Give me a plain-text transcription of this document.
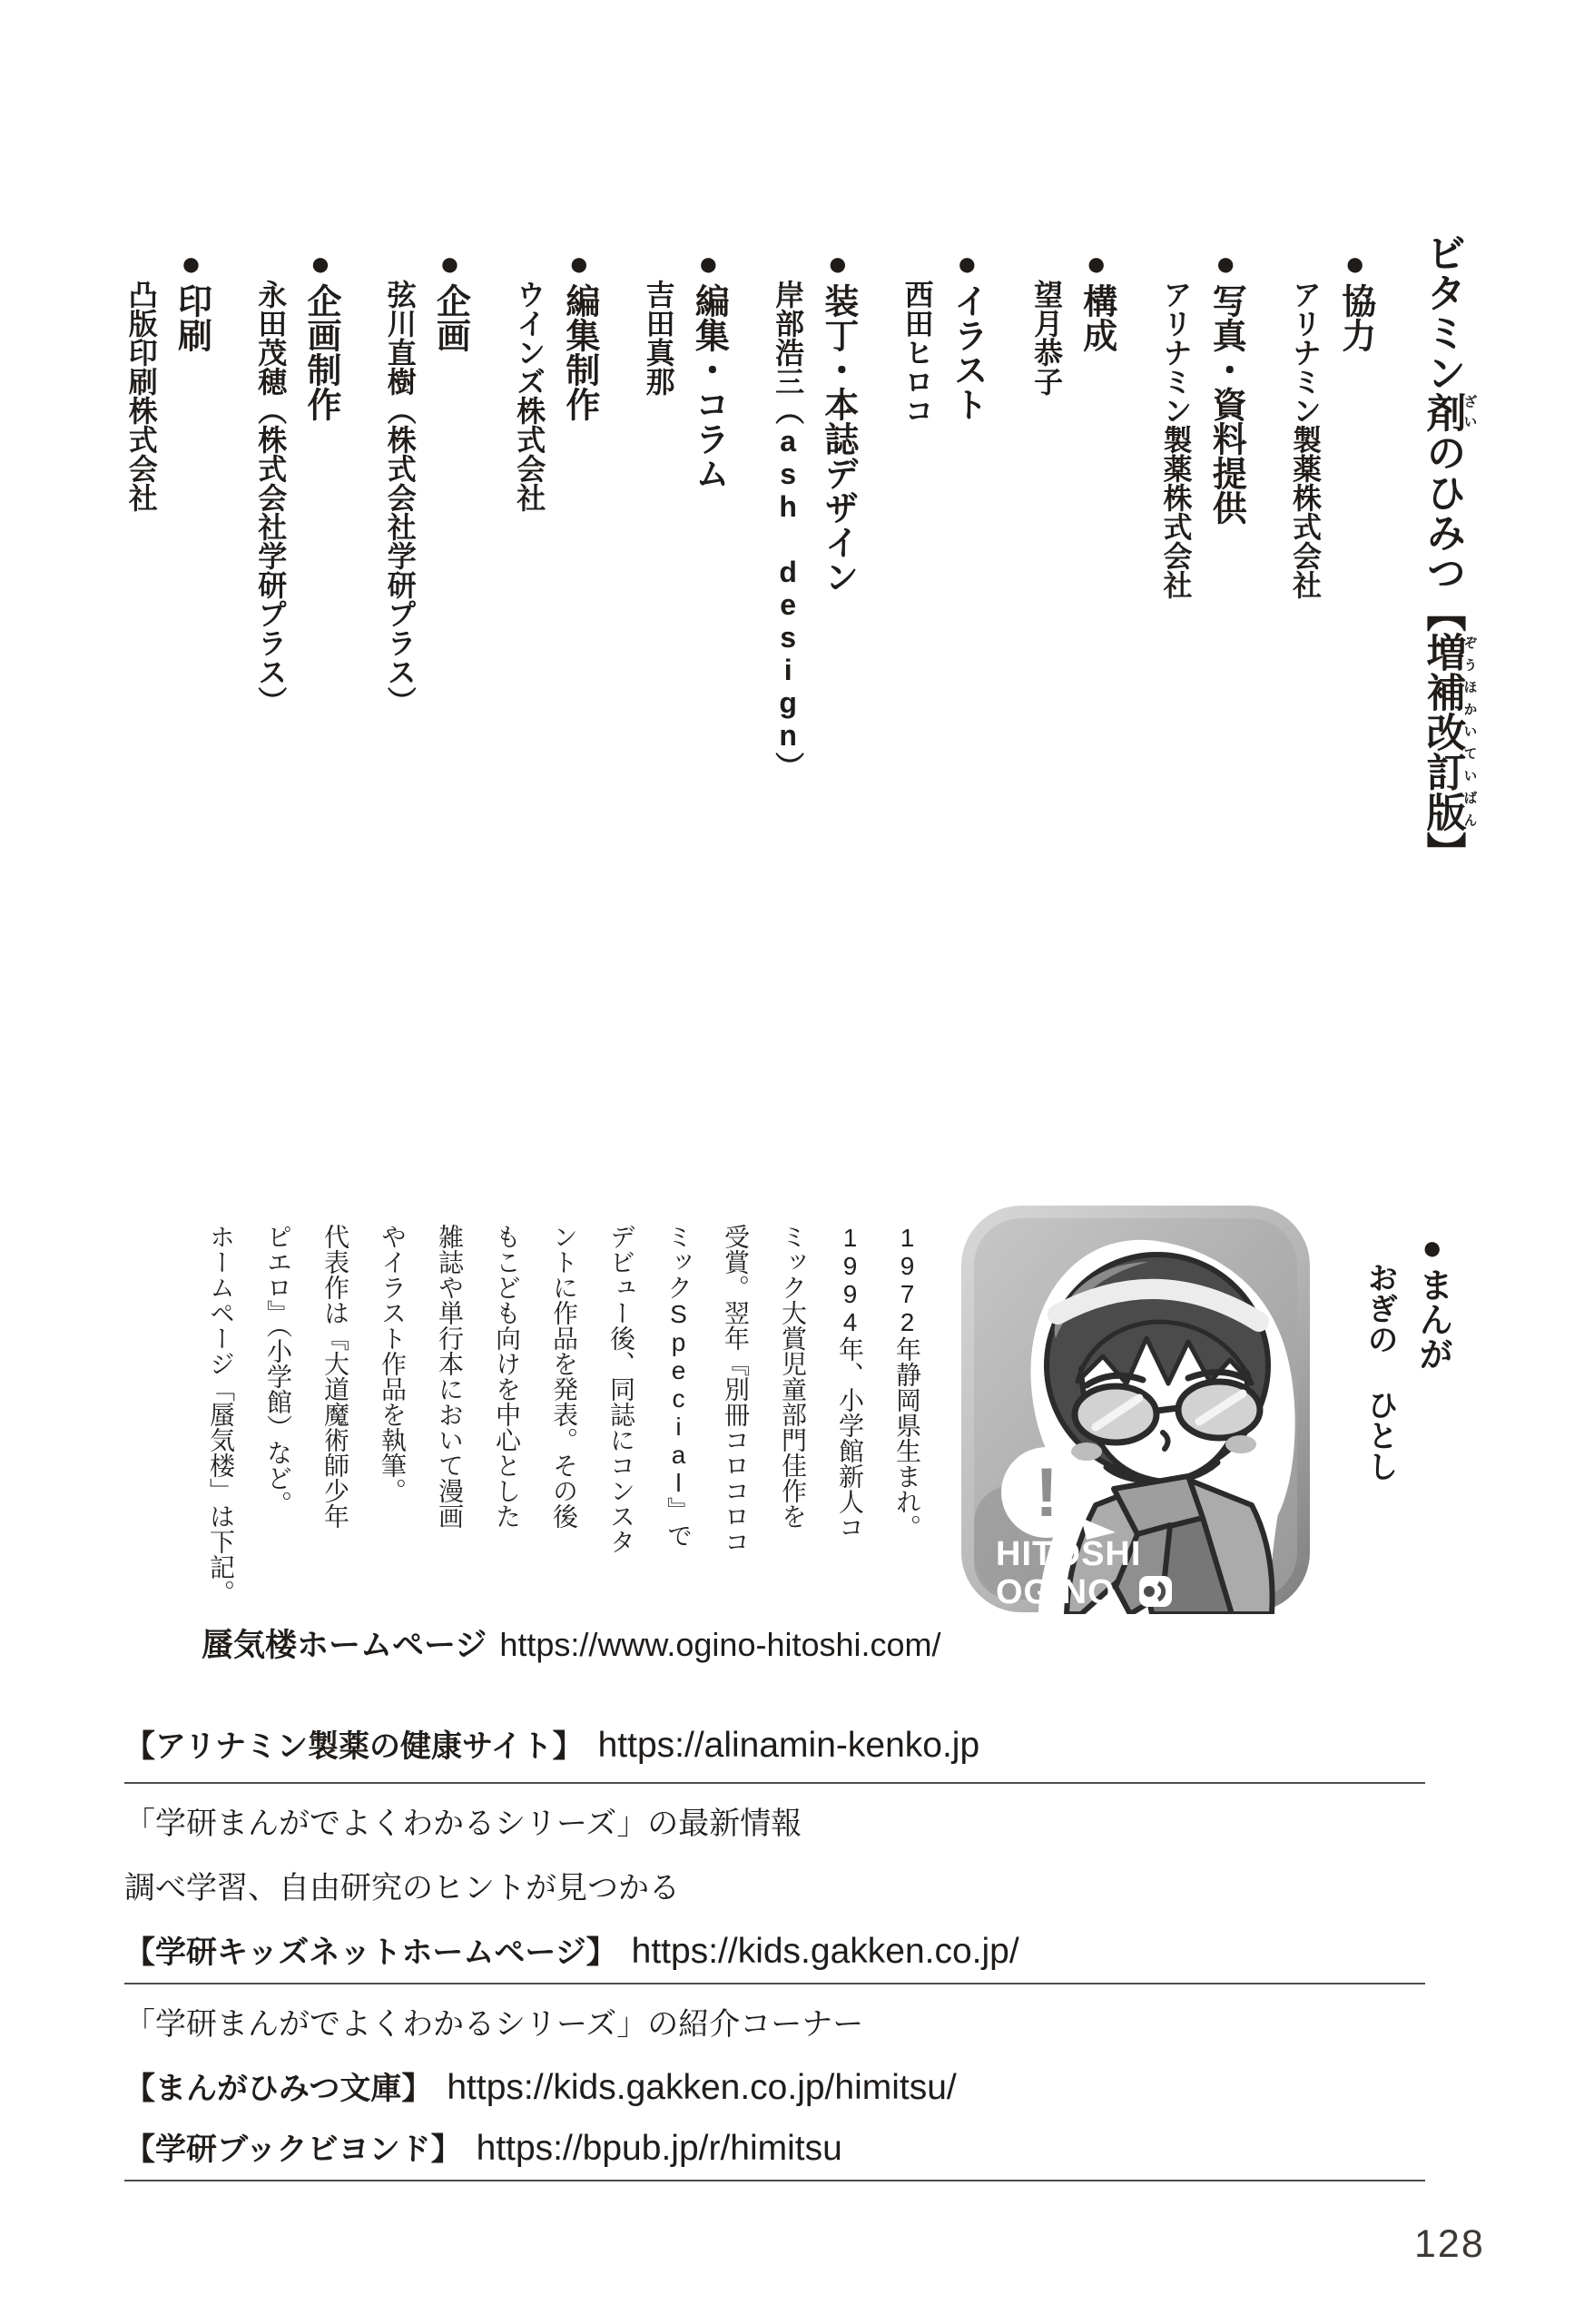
ビタミン剤ざいのひみつ【増補改訂版ぞうほかいていばん】
●協力
アリナミン製薬株式会社
●写真・資料提供
アリナミン製薬株式会社
●構成
望月恭子
●イラスト
西田ヒロコ
●装丁・本誌デザイン
岸部浩三（ash design）
●編集・コラム
吉田真那
●編集制作
ウインズ株式会社
●企画
弦川直樹（株式会社学研プラス）
●企画制作
永田茂穂（株式会社学研プラス）
●印刷
凸版印刷株式会社
●まんが
おぎの ひとし
!
HITOSHI
OGINO
1972年静岡県生まれ。
1994年、小学館新人コ
ミック大賞児童部門佳作を
受賞。翌年『別冊コロコロコ
ミックSpecial』で
デビュー後、同誌にコンスタ
ントに作品を発表。その後
もこども向けを中心とした
雑誌や単行本において漫画
やイラスト作品を執筆。
代表作は『大道魔術師少年
ピエロ』（小学館）など。
ホームページ「蜃気楼」は下記。
蜃気楼ホームページ https://www.ogino-hitoshi.com/
【アリナミン製薬の健康サイト】 https://alinamin-kenko.jp
「学研まんがでよくわかるシリーズ」の最新情報
調べ学習、自由研究のヒントが見つかる
【学研キッズネットホームページ】 https://kids.gakken.co.jp/
「学研まんがでよくわかるシリーズ」の紹介コーナー
【まんがひみつ文庫】 https://kids.gakken.co.jp/himitsu/
【学研ブックビヨンド】 https://bpub.jp/r/himitsu
128
